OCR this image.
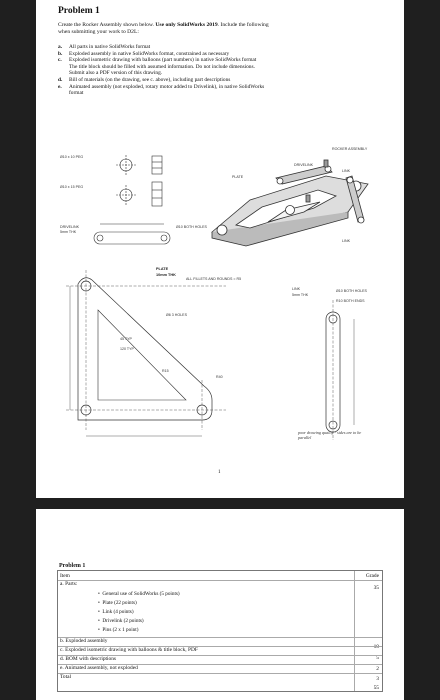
Problem 1
Create the Rocker Assembly shown below. Use only SolidWorks 2019. Include the following
when submitting your work to D2L:
a. All parts in native SolidWorks format
b. Exploded assembly in native SolidWorks format, constrained as necessary
c. Exploded isometric drawing with balloons (part numbers) in native SolidWorks format
The title block should be filled with assumed information. Do not include dimensions.
Submit also a PDF version of this drawing.
d. Bill of materials (on the drawing, see c. above), including part descriptions
e. Animated assembly (not exploded, rotary motor added to Drivelink), in native SolidWorks
format
ROCKER ASSEMBLY
PLATE
DRIVELINK
LINK
LINK
Ø10 x 10 PEG
Ø10 x 15 PEG
DRIVELINK
5mm THK
Ø10 BOTH HOLES
PLATE
10mm THK
ALL FILLETS AND ROUNDS = R5
Ø6 3 HOLES
45 TYP
120 TYP
R15
R40
LINK
5mm THK
Ø10 BOTH HOLES
R10 BOTH ENDS
poor drawing quality - sides are to be parallel
1
Problem 1
Item	Grade
a. Parts:
35
•  General use of SolidWorks (5 points)
•  Plate (22 points)
•  Link (4 points)
•  Drivelink (2 points)
•  Pins (2 x 1 point)
b. Exploded assembly
10
c. Exploded isometric drawing with balloons & title block, PDF
5
d. BOM with descriptions
2
e. Animated assembly, not exploded
3
Total
55
